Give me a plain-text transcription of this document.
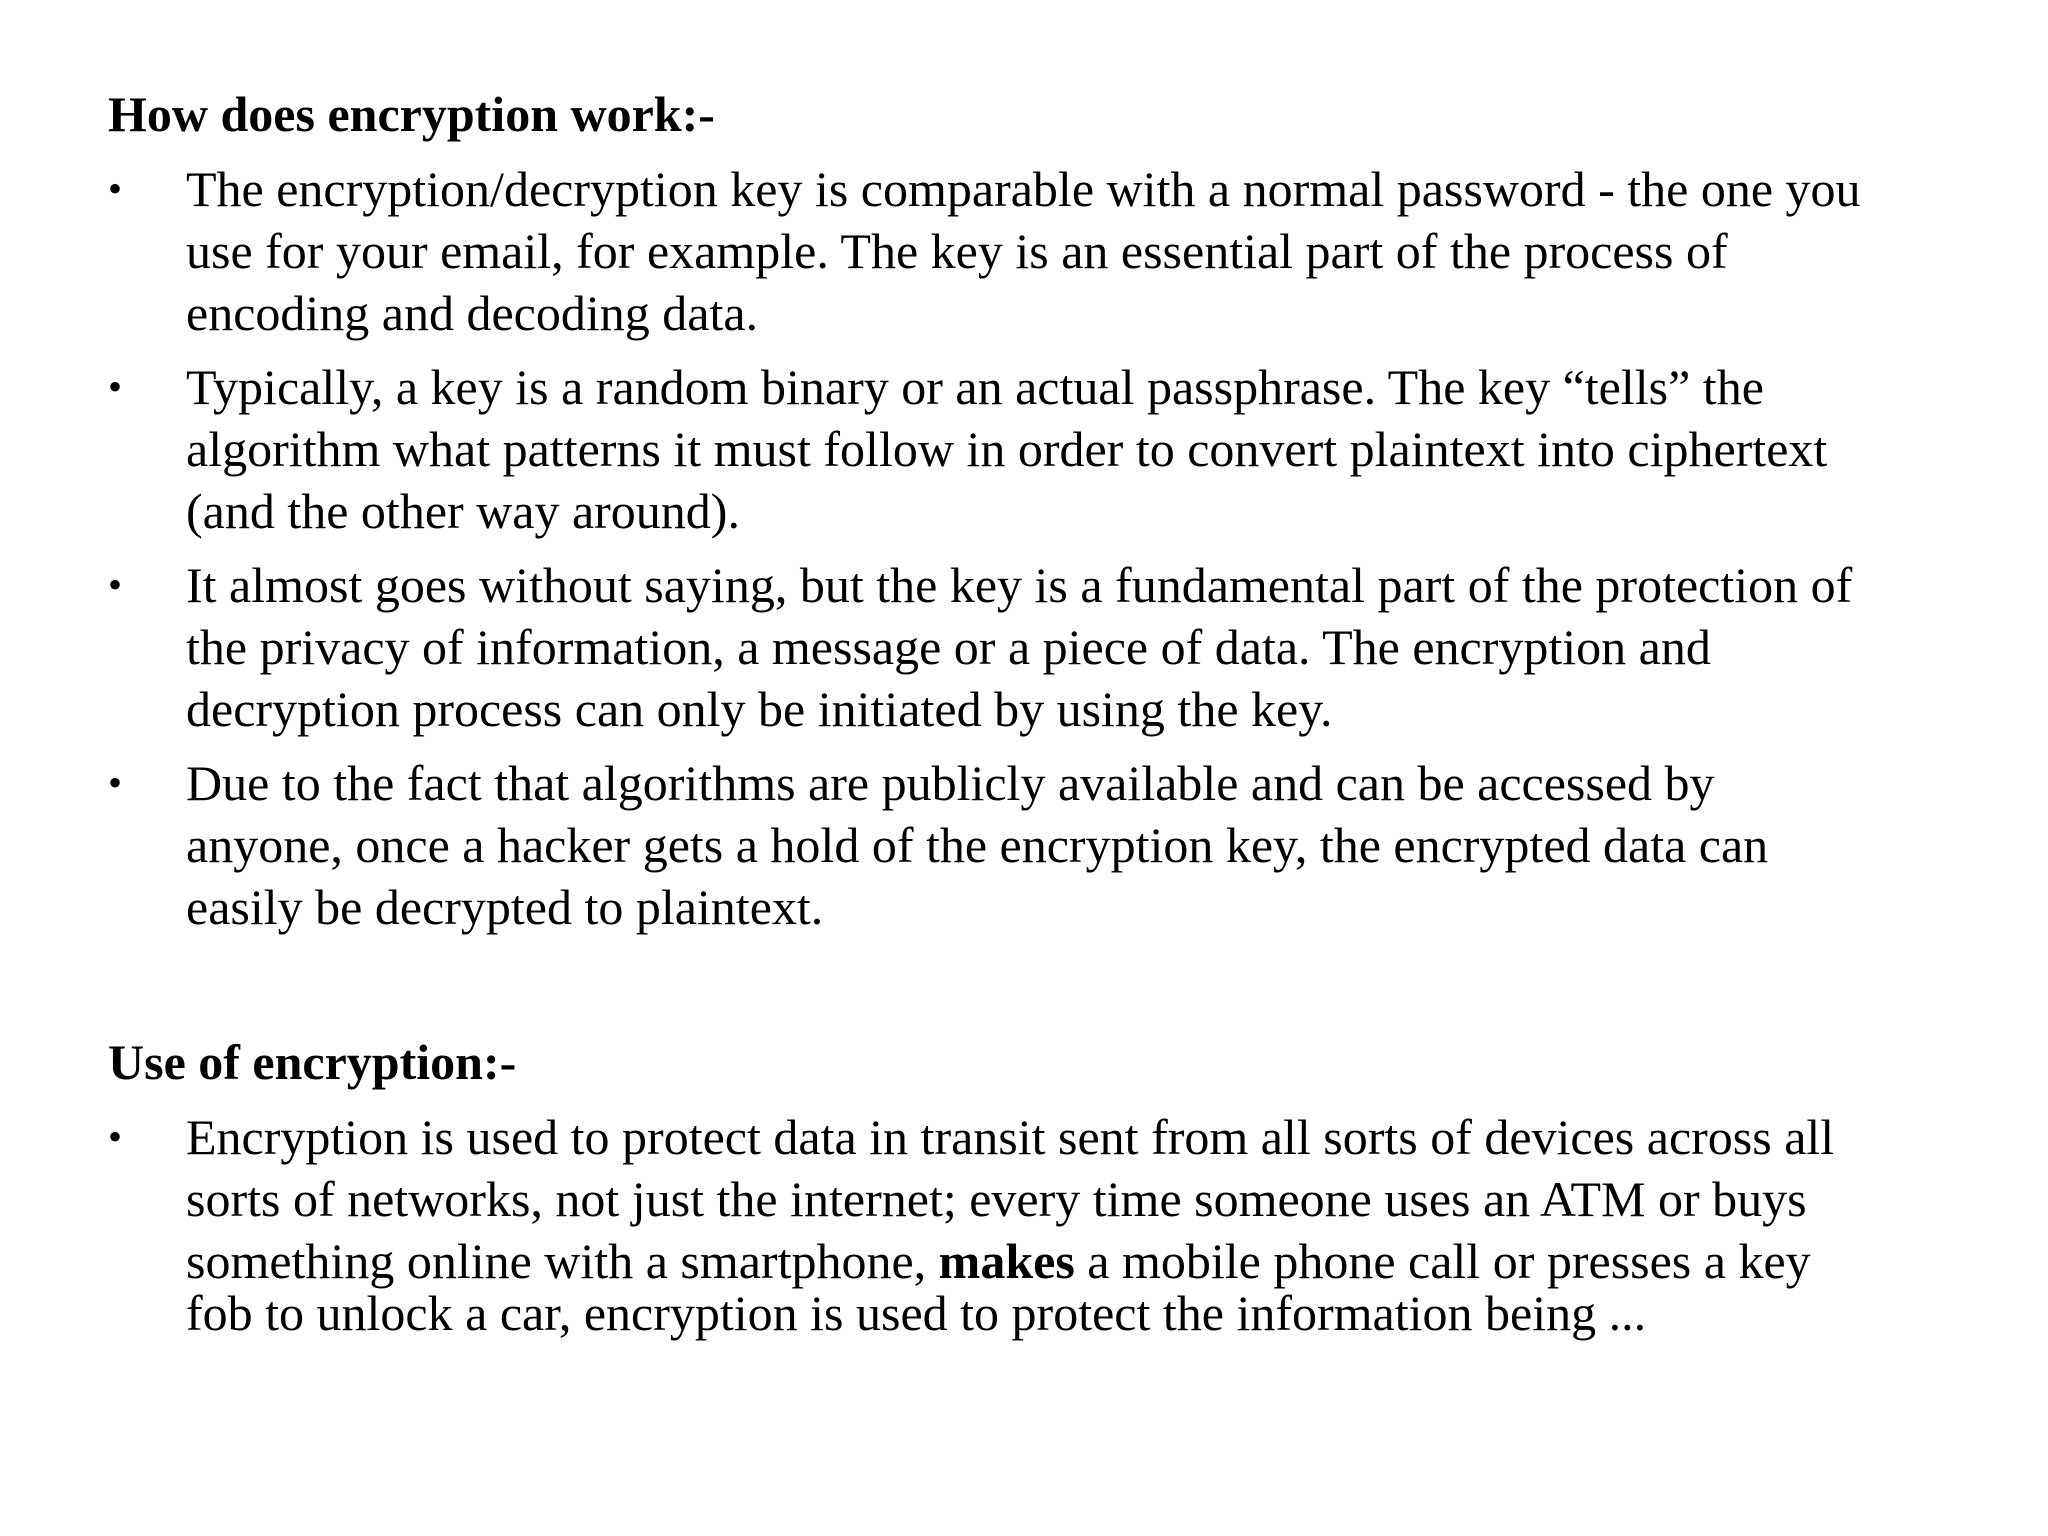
How does encryption work:-
•	The encryption/decryption key is comparable with a normal password - the one you
use for your email, for example. The key is an essential part of the process of
encoding and decoding data.
•	Typically, a key is a random binary or an actual passphrase. The key “tells” the
algorithm what patterns it must follow in order to convert plaintext into ciphertext
(and the other way around).
•	It almost goes without saying, but the key is a fundamental part of the protection of
the privacy of information, a message or a piece of data. The encryption and
decryption process can only be initiated by using the key.
•	Due to the fact that algorithms are publicly available and can be accessed by
anyone, once a hacker gets a hold of the encryption key, the encrypted data can
easily be decrypted to plaintext.
Use of encryption:-
•	Encryption is used to protect data in transit sent from all sorts of devices across all
sorts of networks, not just the internet; every time someone uses an ATM or buys
something online with a smartphone, makes a mobile phone call or presses a key
fob to unlock a car, encryption is used to protect the information being ...
